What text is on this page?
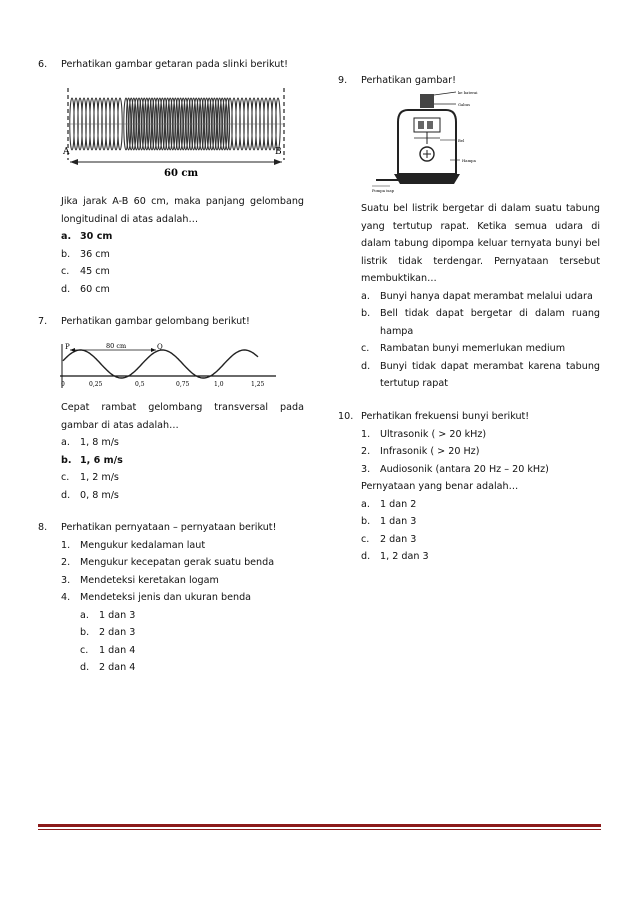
6.	Perhatikan gambar getaran pada slinki berikut!
A	B
60 cm
Jika jarak A-B 60 cm, maka panjang gelombang longitudinal di atas adalah…
a. 30 cm
b.	36 cm
c.	45 cm
d.	60 cm
7.	Perhatikan gambar gelombang berikut!
P	Q
80 cm
0	0,25	0,5	0,75	1,0	1,25
Cepat rambat gelombang transversal pada gambar di atas adalah…
a.	1, 8 m/s
b. 1, 6 m/s
c.	1, 2 m/s
d.	0, 8 m/s
8.	Perhatikan pernyataan – pernyataan berikut!
1.	Mengukur kedalaman laut
2.	Mengukur kecepatan gerak suatu benda
3.	Mendeteksi keretakan logam
4.	Mendeteksi jenis dan ukuran benda
a.	1 dan 3
b.	2 dan 3
c.	1 dan 4
d.	2 dan 4
9.	Perhatikan gambar!
ke baterai
Gabus
Bel
Hampa
Pompa isap
Suatu bel listrik bergetar di dalam suatu tabung yang tertutup rapat. Ketika semua udara di dalam tabung dipompa keluar ternyata bunyi bel listrik tidak terdengar. Pernyataan tersebut membuktikan…
a.	Bunyi hanya dapat merambat melalui udara
b.	Bell tidak dapat bergetar di dalam ruang hampa
c.	Rambatan bunyi memerlukan medium
d.	Bunyi tidak dapat merambat karena tabung tertutup rapat
10. Perhatikan frekuensi bunyi berikut!
1.	Ultrasonik ( > 20 kHz)
2.	Infrasonik ( > 20 Hz)
3.	Audiosonik (antara 20 Hz – 20 kHz)
Pernyataan yang benar adalah…
a.	1 dan 2
b.	1 dan 3
c.	2 dan 3
d.	1, 2 dan 3
